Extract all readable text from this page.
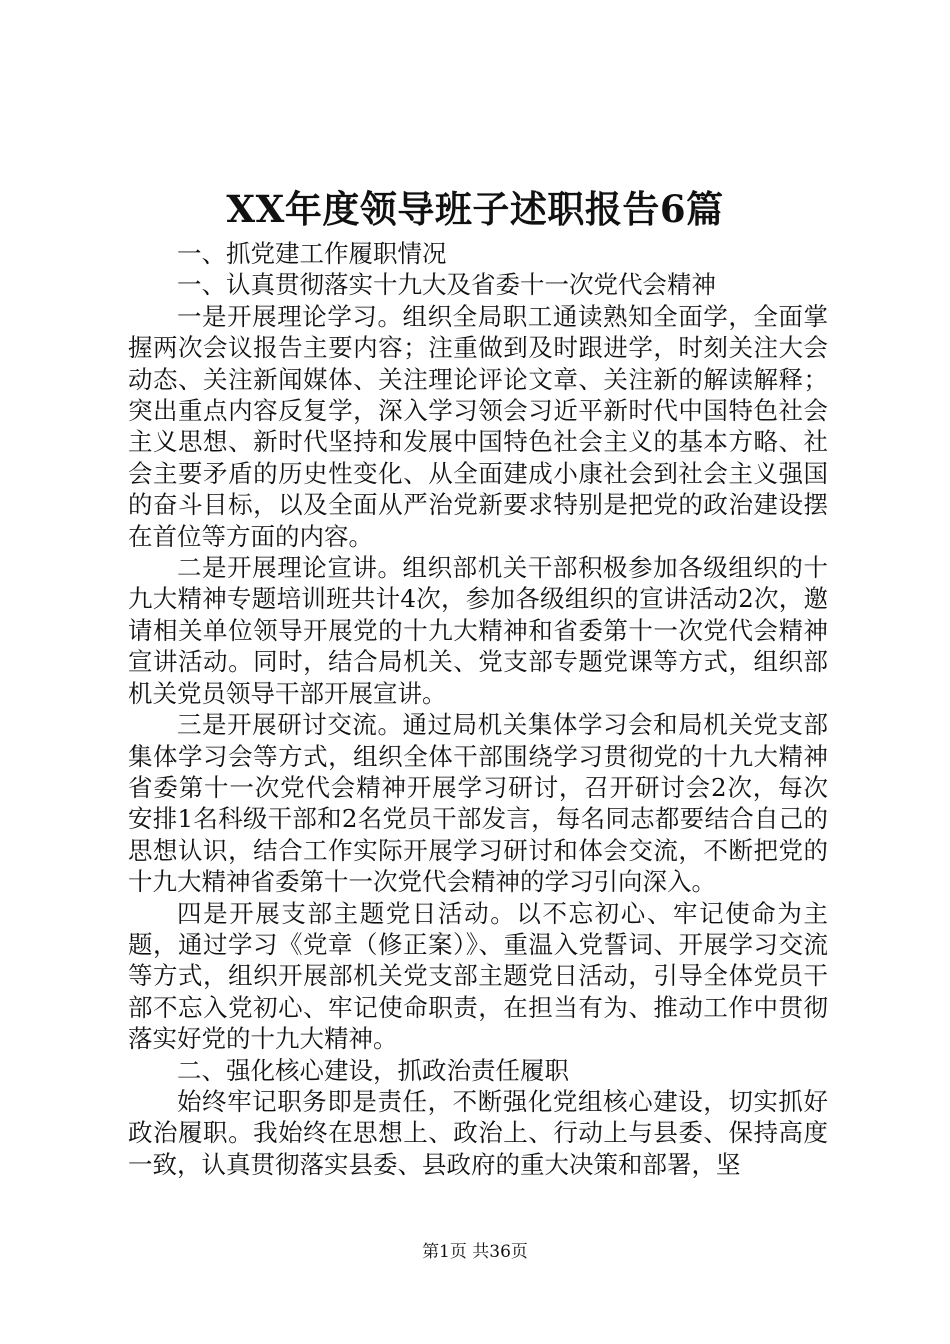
XX年度领导班子述职报告6篇

一、抓党建工作履职情况

一、认真贯彻落实十九大及省委十一次党代会精神

一是开展理论学习。组织全局职工通读熟知全面学，全面掌握两次会议报告主要内容；注重做到及时跟进学，时刻关注大会动态、关注新闻媒体、关注理论评论文章、关注新的解读解释；突出重点内容反复学，深入学习领会习近平新时代中国特色社会主义思想、新时代坚持和发展中国特色社会主义的基本方略、社会主要矛盾的历史性变化、从全面建成小康社会到社会主义强国的奋斗目标，以及全面从严治党新要求特别是把党的政治建设摆在首位等方面的内容。

二是开展理论宣讲。组织部机关干部积极参加各级组织的十九大精神专题培训班共计4次，参加各级组织的宣讲活动2次，邀请相关单位领导开展党的十九大精神和省委第十一次党代会精神宣讲活动。同时，结合局机关、党支部专题党课等方式，组织部机关党员领导干部开展宣讲。

三是开展研讨交流。通过局机关集体学习会和局机关党支部集体学习会等方式，组织全体干部围绕学习贯彻党的十九大精神省委第十一次党代会精神开展学习研讨，召开研讨会2次，每次安排1名科级干部和2名党员干部发言，每名同志都要结合自己的思想认识，结合工作实际开展学习研讨和体会交流，不断把党的十九大精神省委第十一次党代会精神的学习引向深入。

四是开展支部主题党日活动。以不忘初心、牢记使命为主题，通过学习《党章（修正案）》、重温入党誓词、开展学习交流等方式，组织开展部机关党支部主题党日活动，引导全体党员干部不忘入党初心、牢记使命职责，在担当有为、推动工作中贯彻落实好党的十九大精神。

二、强化核心建设，抓政治责任履职

始终牢记职务即是责任，不断强化党组核心建设，切实抓好政治履职。我始终在思想上、政治上、行动上与县委、保持高度一致，认真贯彻落实县委、县政府的重大决策和部署，坚

第1页 共36页
